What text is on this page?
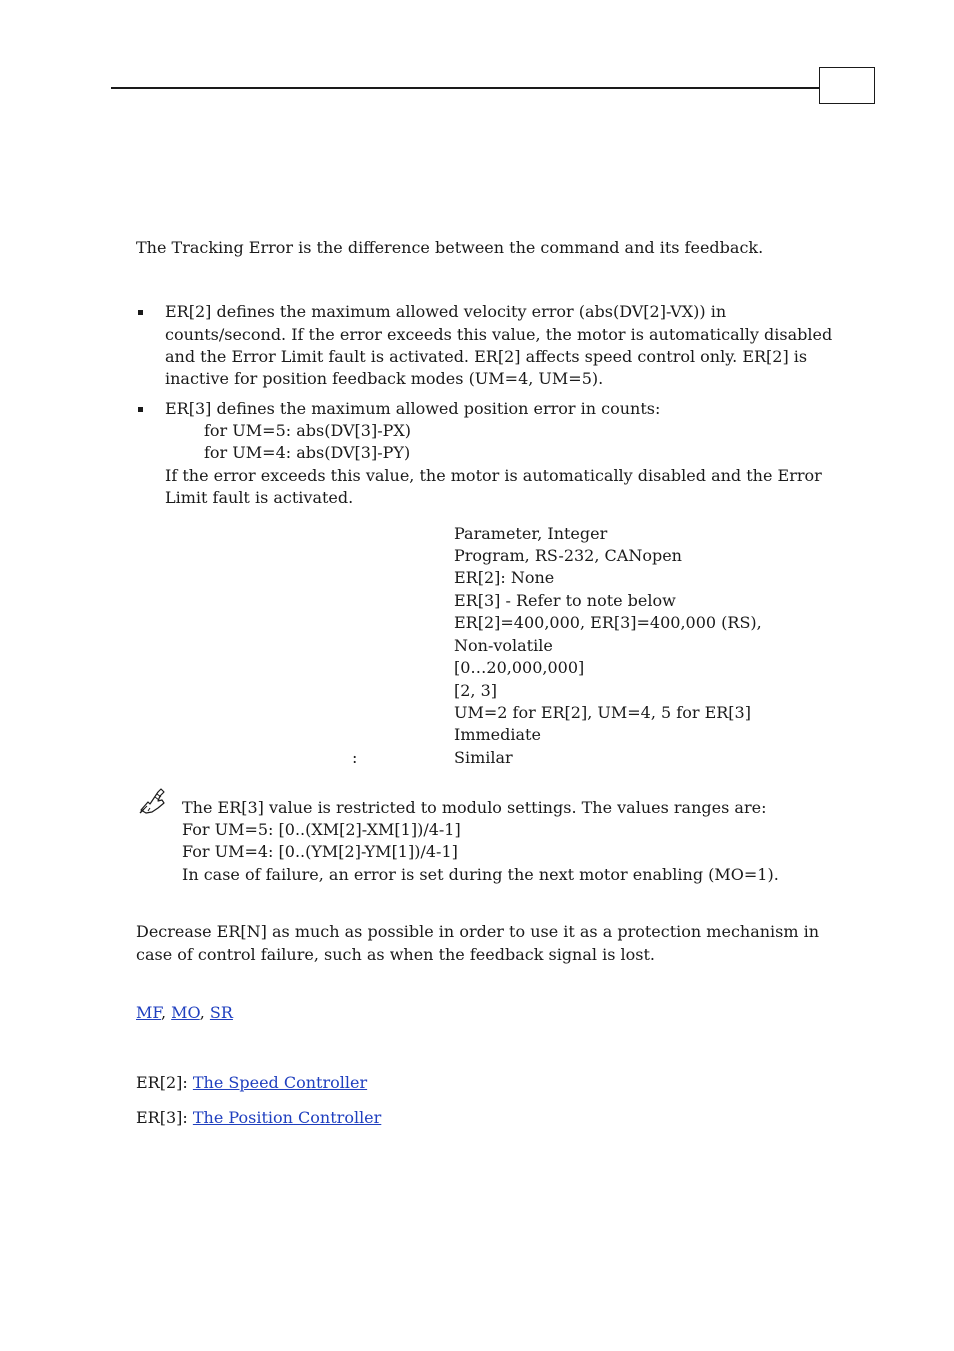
The Tracking Error is the difference between the command and its feedback.
ER[2] defines the maximum allowed velocity error (abs(DV[2]-VX)) in
counts/second. If the error exceeds this value, the motor is automatically disabled
and the Error Limit fault is activated. ER[2] affects speed control only. ER[2] is
inactive for position feedback modes (UM=4, UM=5).
ER[3] defines the maximum allowed position error in counts:
for UM=5: abs(DV[3]-PX)
for UM=4: abs(DV[3]-PY)
If the error exceeds this value, the motor is automatically disabled and the Error
Limit fault is activated.
Parameter, Integer
Program, RS-232, CANopen
ER[2]: None
ER[3] - Refer to note below
ER[2]=400,000, ER[3]=400,000 (RS),
Non-volatile
[0…20,000,000]
[2, 3]
UM=2 for ER[2], UM=4, 5 for ER[3]
Immediate
:	Similar
The ER[3] value is restricted to modulo settings. The values ranges are:
For UM=5: [0..(XM[2]-XM[1])/4-1]
For UM=4: [0..(YM[2]-YM[1])/4-1]
In case of failure, an error is set during the next motor enabling (MO=1).
Decrease ER[N] as much as possible in order to use it as a protection mechanism in
case of control failure, such as when the feedback signal is lost.
MF, MO, SR
ER[2]: The Speed Controller
ER[3]: The Position Controller
